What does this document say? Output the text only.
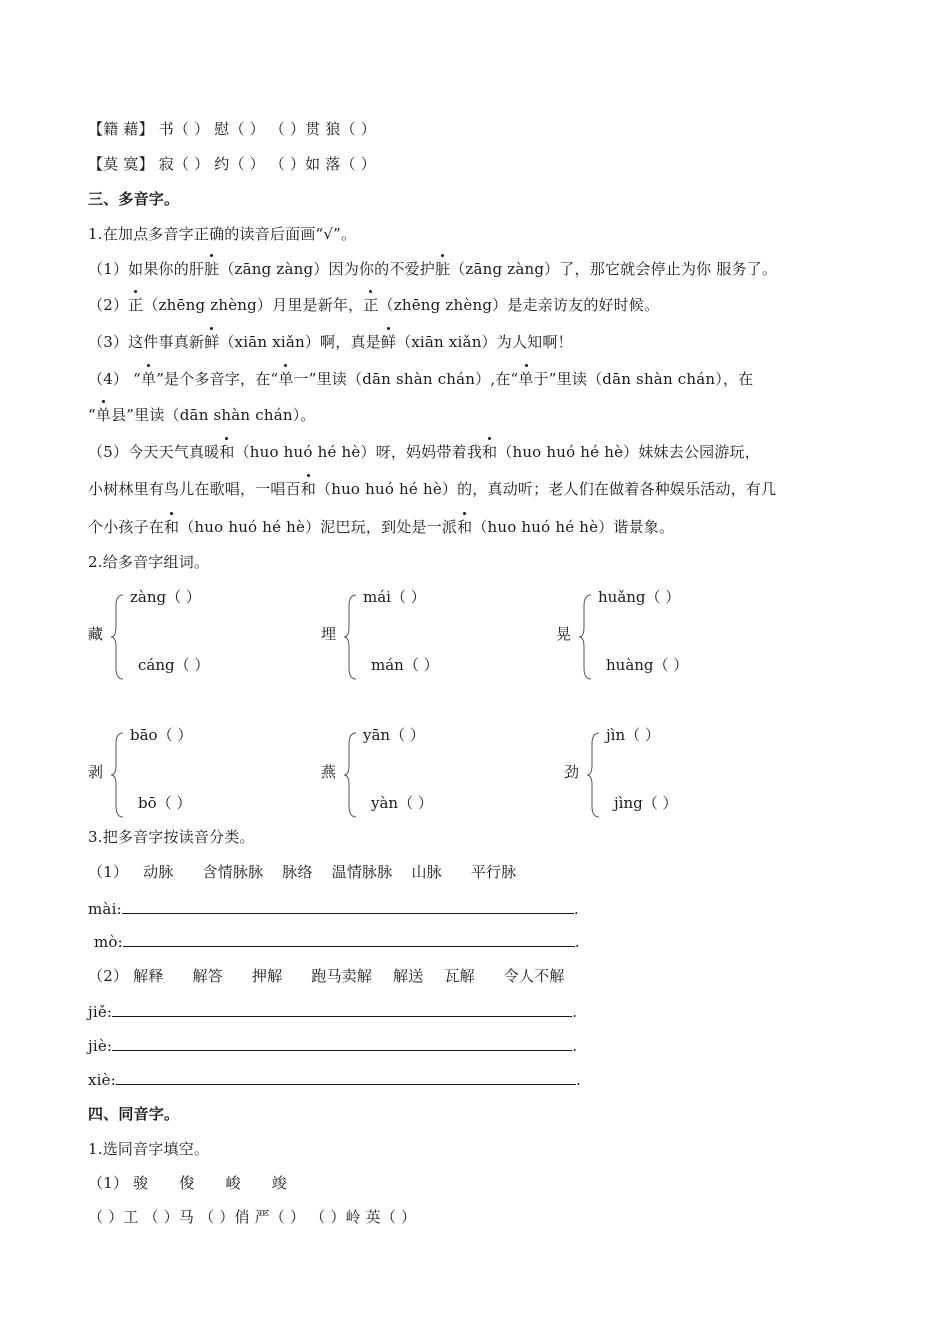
【籍 藉】 书（ ） 慰（ ） （ ）贯 狼（ ）
【莫 寞】 寂（ ） 约（ ） （ ）如 落（ ）
三、多音字。
1.在加点多音字正确的读音后面画“√”。
（1）如果你的肝脏（zāng zàng）因为你的不爱护脏（zāng zàng）了，那它就会停止为你 服务了。
（2）正（zhēng zhèng）月里是新年，正（zhēng zhèng）是走亲访友的好时候。
（3）这件事真新鲜（xiān xiǎn）啊，真是鲜（xiān xiǎn）为人知啊！
（4） “单”是个多音字，在“单一”里读（dān shàn chán）,在“单于”里读（dān shàn chán），在
“单县”里读（dān shàn chán）。
（5）今天天气真暖和（huo huó hé hè）呀，妈妈带着我和（huo huó hé hè）妹妹去公园游玩，
小树林里有鸟儿在歌唱，一唱百和（huo huó hé hè）的，真动听；老人们在做着各种娱乐活动，有几
个小孩子在和（huo huó hé hè）泥巴玩，到处是一派和（huo huó hé hè）谐景象。
2.给多音字组词。
藏
zàng（ ）
cáng（ ）
埋
mái（ ）
mán（ ）
晃
huǎng（ ）
huàng（ ）
剥
bāo（ ）
bō（ ）
燕
yān（ ）
yàn（ ）
劲
jìn（ ）
jìng（ ）
3.把多音字按读音分类。
（1） 动脉 含情脉脉 脉络 温情脉脉 山脉 平行脉
mài:	.
mò:	.
（2） 解释 解答 押解 跑马卖解 解送 瓦解 令人不解
jiě:	.
jiè:	.
xiè:	.
四、同音字。
1.选同音字填空。
（1） 骏 俊 峻 竣
（ ）工 （ ）马 （ ）俏 严（ ） （ ）岭 英（ ）
